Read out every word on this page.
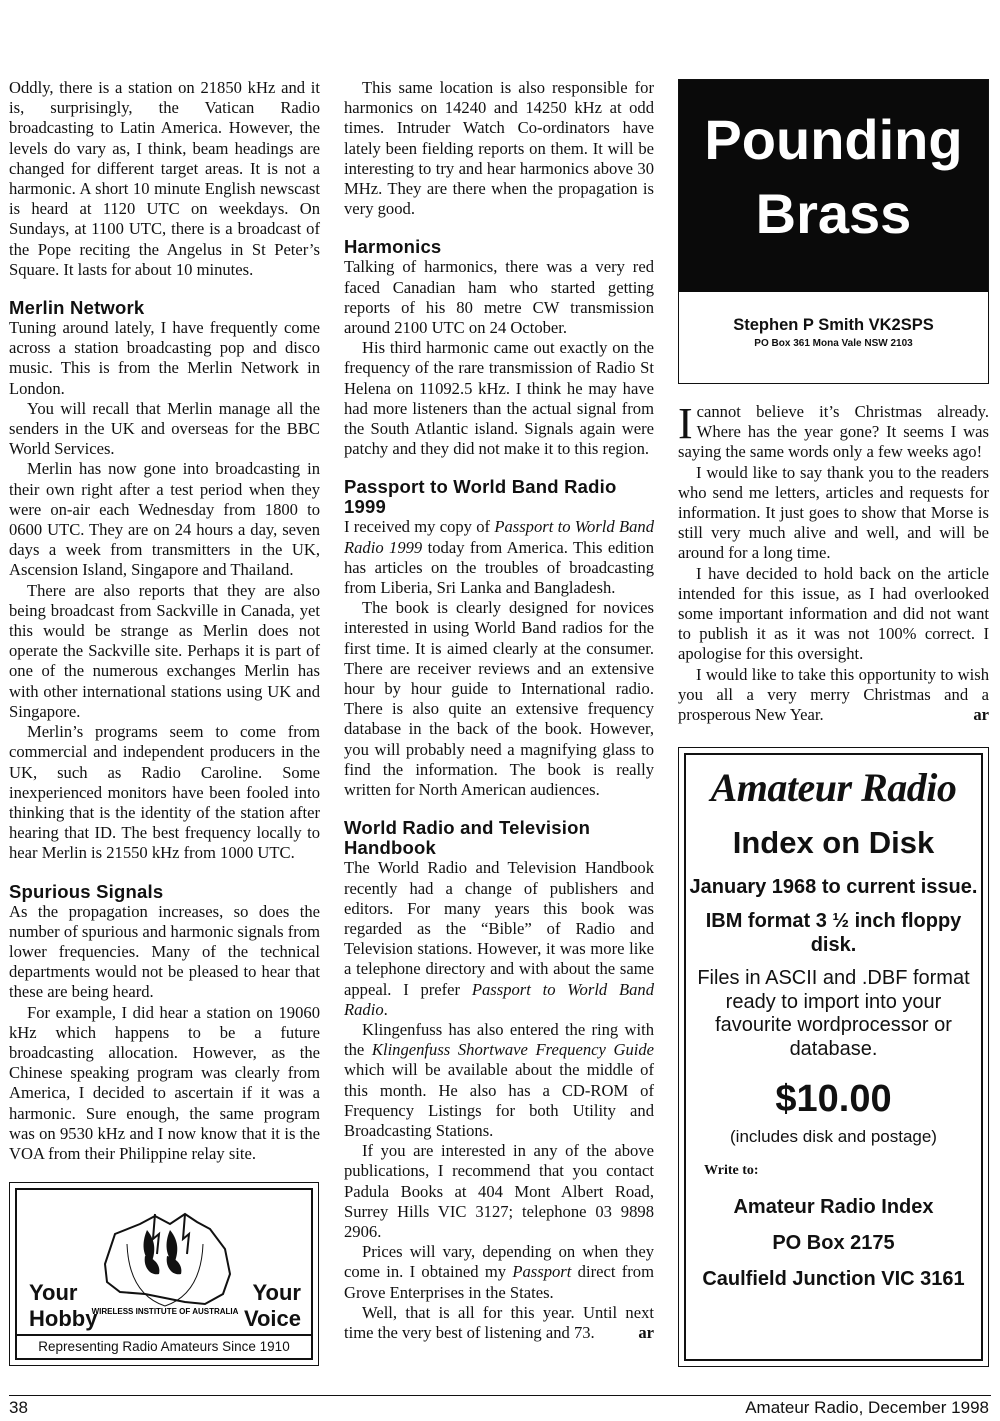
Oddly, there is a station on 21850 kHz and it is, surprisingly, the Vatican Radio broadcasting to Latin America. However, the levels do vary as, I think, beam headings are changed for different target areas. It is not a harmonic. A short 10 minute English newscast is heard at 1120 UTC on weekdays. On Sundays, at 1100 UTC, there is a broadcast of the Pope reciting the Angelus in St Peter’s Square. It lasts for about 10 minutes.

Merlin Network

Tuning around lately, I have frequently come across a station broadcasting pop and disco music. This is from the Merlin Network in London.

You will recall that Merlin manage all the senders in the UK and overseas for the BBC World Services.

Merlin has now gone into broadcasting in their own right after a test period when they were on-air each Wednesday from 1800 to 0600 UTC. They are on 24 hours a day, seven days a week from transmitters in the UK, Ascension Island, Singapore and Thailand.

There are also reports that they are also being broadcast from Sackville in Canada, yet this would be strange as Merlin does not operate the Sackville site. Perhaps it is part of one of the numerous exchanges Merlin has with other international stations using UK and Singapore.

Merlin’s programs seem to come from commercial and independent producers in the UK, such as Radio Caroline. Some inexperienced monitors have been fooled into thinking that is the identity of the station after hearing that ID. The best frequency locally to hear Merlin is 21550 kHz from 1000 UTC.

Spurious Signals

As the propagation increases, so does the number of spurious and harmonic signals from lower frequencies. Many of the technical departments would not be pleased to hear that these are being heard.

For example, I did hear a station on 19060 kHz which happens to be a future broadcasting allocation. However, as the Chinese speaking program was clearly from America, I decided to ascertain if it was a harmonic. Sure enough, the same program was on 9530 kHz and I now know that it is the VOA from their Philippine relay site.

WIRELESS INSTITUTE OF AUSTRALIA
Your
Hobby
Your
Voice
Representing Radio Amateurs Since 1910

This same location is also responsible for harmonics on 14240 and 14250 kHz at odd times. Intruder Watch Co-ordinators have lately been fielding reports on them. It will be interesting to try and hear harmonics above 30 MHz. They are there when the propagation is very good.

Harmonics

Talking of harmonics, there was a very red faced Canadian ham who started getting reports of his 80 metre CW transmission around 2100 UTC on 24 October.

His third harmonic came out exactly on the frequency of the rare transmission of Radio St Helena on 11092.5 kHz. I think he may have had more listeners than the actual signal from the South Atlantic island. Signals again were patchy and they did not make it to this region.

Passport to World Band Radio 1999

I received my copy of Passport to World Band Radio 1999 today from America. This edition has articles on the troubles of broadcasting from Liberia, Sri Lanka and Bangladesh.

The book is clearly designed for novices interested in using World Band radios for the first time. It is aimed clearly at the consumer. There are receiver reviews and an extensive hour by hour guide to International radio. There is also quite an extensive frequency database in the back of the book. However, you will probably need a magnifying glass to find the information. The book is really written for North American audiences.

World Radio and Television Handbook

The World Radio and Television Handbook recently had a change of publishers and editors. For many years this book was regarded as the “Bible” of Radio and Television stations. However, it was more like a telephone directory and with about the same appeal. I prefer Passport to World Band Radio.

Klingenfuss has also entered the ring with the Klingenfuss Shortwave Frequency Guide which will be available about the middle of this month. He also has a CD-ROM of Frequency Listings for both Utility and Broadcasting Stations.

If you are interested in any of the above publications, I recommend that you contact Padula Books at 404 Mont Albert Road, Surrey Hills VIC 3127; telephone 03 9898 2906.

Prices will vary, depending on when they come in. I obtained my Passport direct from Grove Enterprises in the States.

Well, that is all for this year. Until next time the very best of listening and 73.	ar

Pounding
Brass
Stephen P Smith VK2SPS
PO Box 361 Mona Vale NSW 2103

Icannot believe it’s Christmas already. Where has the year gone? It seems I was saying the same words only a few weeks ago!

I would like to say thank you to the readers who send me letters, articles and requests for information. It just goes to show that Morse is still very much alive and well, and will be around for a long time.

I have decided to hold back on the article intended for this issue, as I had overlooked some important information and did not want to publish it as it was not 100% correct. I apologise for this oversight.

I would like to take this opportunity to wish you all a very merry Christmas and a prosperous New Year.	ar

Amateur Radio
Index on Disk
January 1968 to current issue.
IBM format 3 ½ inch floppy disk.
Files in ASCII and .DBF format ready to import into your favourite wordprocessor or database.
$10.00
(includes disk and postage)
Write to:
Amateur Radio Index
PO Box 2175
Caulfield Junction VIC 3161
38	Amateur Radio, December 1998
